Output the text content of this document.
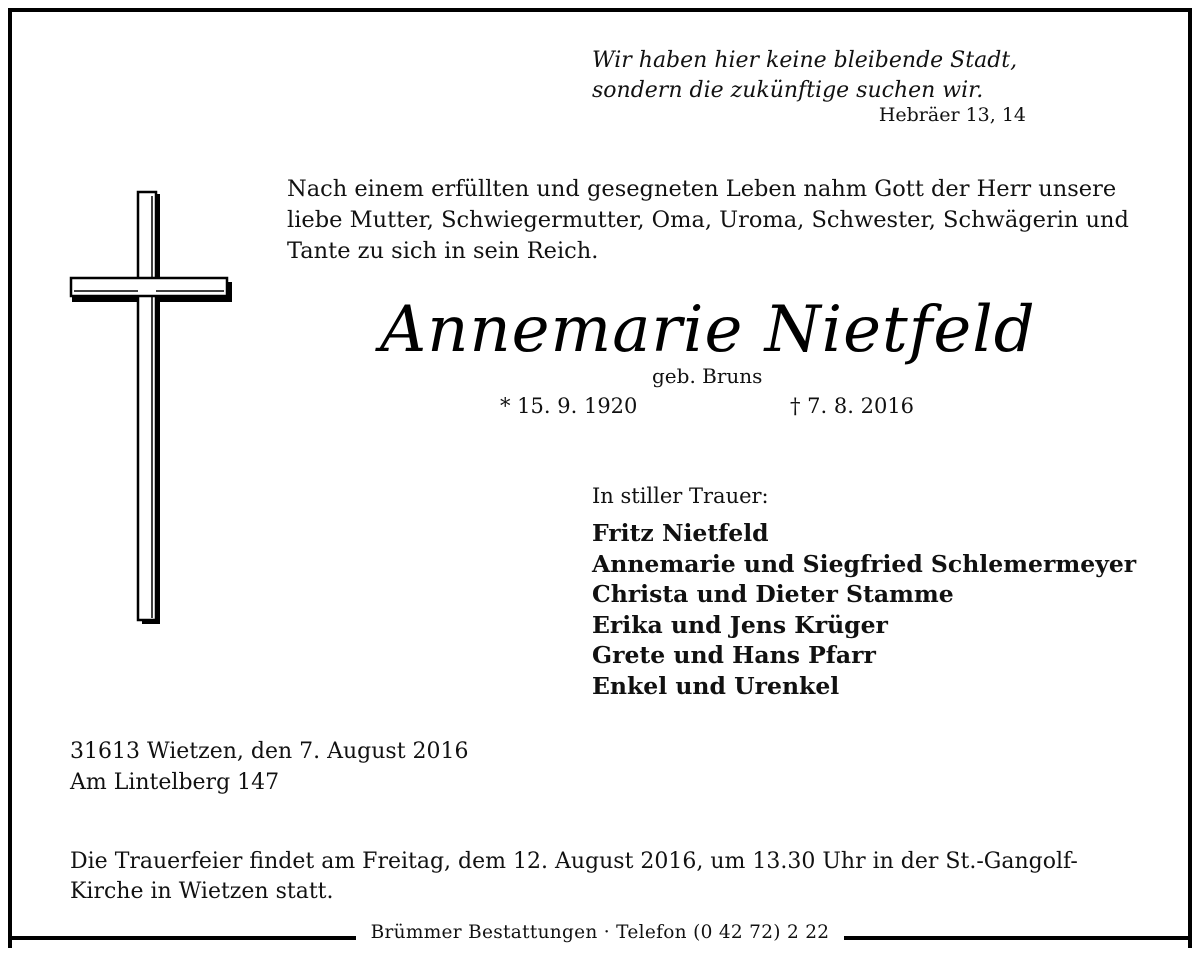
Wir haben hier keine bleibende Stadt,
sondern die zukünftige suchen wir.
Hebräer 13, 14
Nach einem erfüllten und gesegneten Leben nahm Gott der Herr unsere
liebe Mutter, Schwiegermutter, Oma, Uroma, Schwester, Schwägerin und
Tante zu sich in sein Reich.
Annemarie Nietfeld
geb. Bruns
* 15. 9. 1920	† 7. 8. 2016
In stiller Trauer:
Fritz Nietfeld
Annemarie und Siegfried Schlemermeyer
Christa und Dieter Stamme
Erika und Jens Krüger
Grete und Hans Pfarr
Enkel und Urenkel
31613 Wietzen, den 7. August 2016
Am Lintelberg 147
Die Trauerfeier findet am Freitag, dem 12. August 2016, um 13.30 Uhr in der St.-Gangolf-
Kirche in Wietzen statt.
Brümmer Bestattungen · Telefon (0 42 72) 2 22
